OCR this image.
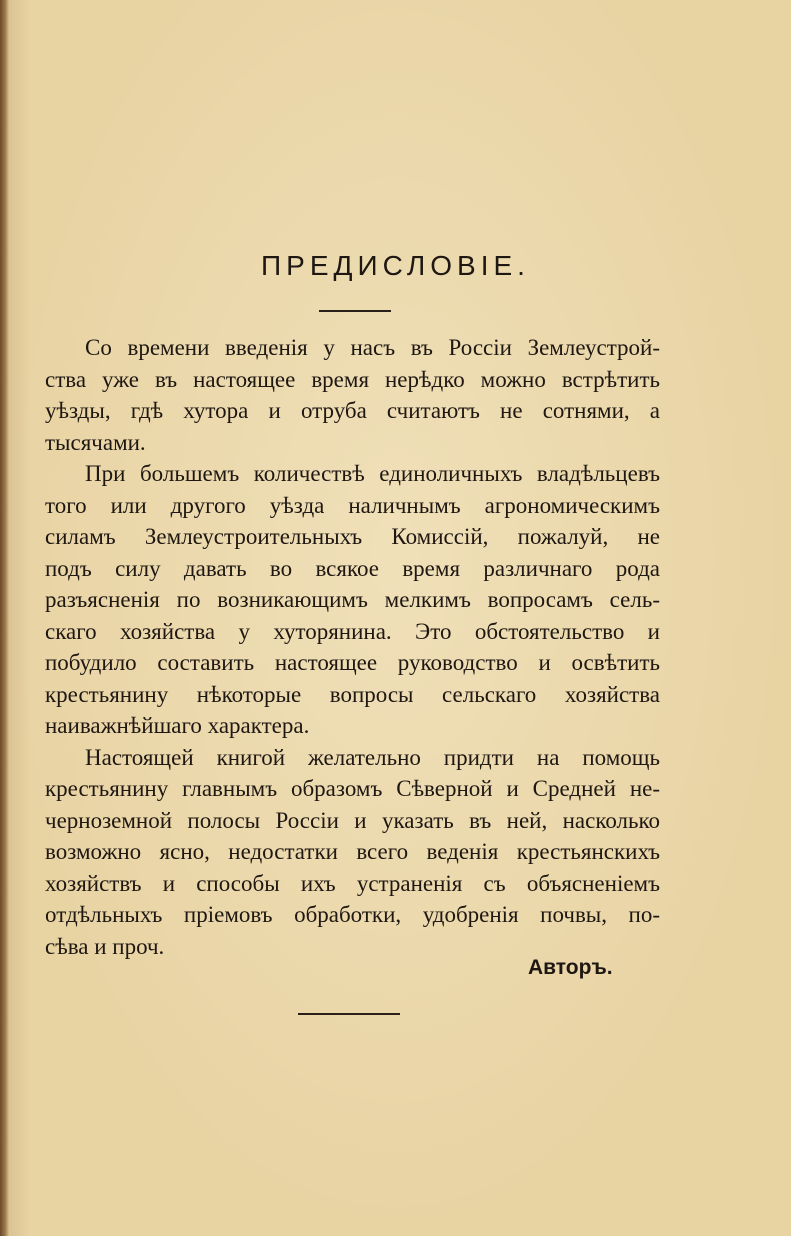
ПРЕДИСЛОВІЕ.
Со времени введенія у насъ въ Россіи Землеустрой-
ства уже въ настоящее время нерѣдко можно встрѣтить
уѣзды, гдѣ хутора и отруба считаютъ не сотнями, а
тысячами.
При большемъ количествѣ единоличныхъ владѣльцевъ
того или другого уѣзда наличнымъ агрономическимъ
силамъ Землеустроительныхъ Комиссій, пожалуй, не
подъ силу давать во всякое время различнаго рода
разъясненія по возникающимъ мелкимъ вопросамъ сель-
скаго хозяйства у хуторянина. Это обстоятельство и
побудило составить настоящее руководство и освѣтить
крестьянину нѣкоторые вопросы сельскаго хозяйства
наиважнѣйшаго характера.
Настоящей книгой желательно придти на помощь
крестьянину главнымъ образомъ Сѣверной и Средней не-
черноземной полосы Россіи и указать въ ней, насколько
возможно ясно, недостатки всего веденія крестьянскихъ
хозяйствъ и способы ихъ устраненія съ объясненіемъ
отдѣльныхъ пріемовъ обработки, удобренія почвы, по-
сѣва и проч.
Авторъ.
